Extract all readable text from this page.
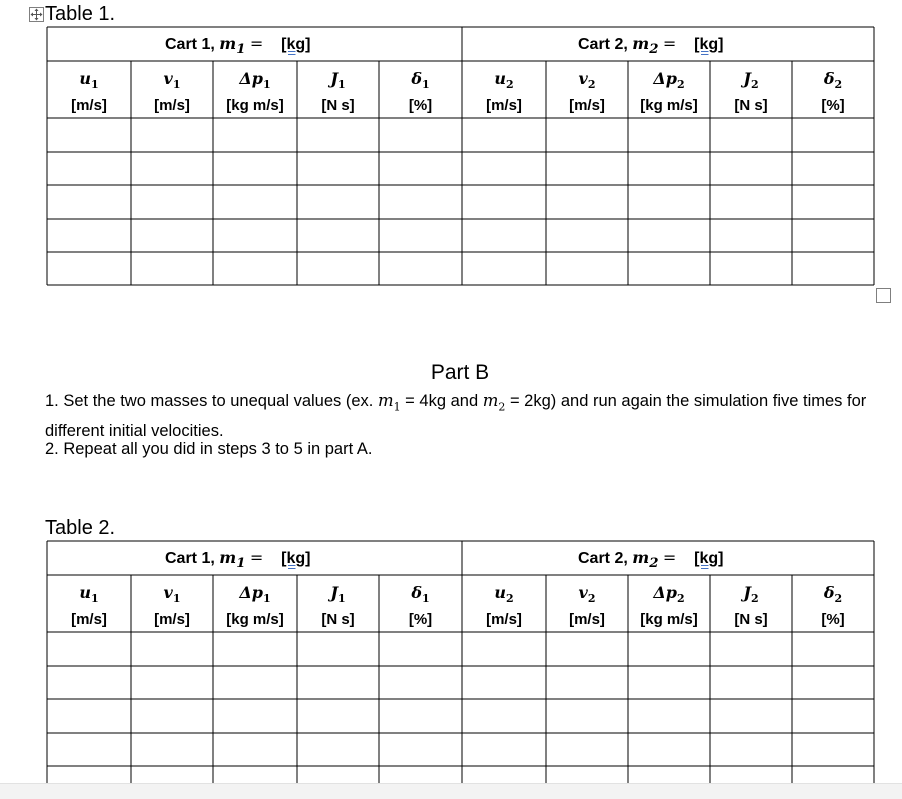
Table 1.
Cart 1, $m_1 = [kg]$	Cart 2, $m_2 = [kg]$
$u_1$
[m/s]
$v_1$
[m/s]
$\Delta p_1$
[kg m/s]
$J_1$
[N s]
$\delta_1$
[%]
$u_2$
[m/s]
$v_2$
[m/s]
$\Delta p_2$
[kg m/s]
$J_2$
[N s]
$\delta_2$
[%]
Part B
1. Set the two masses to unequal values (ex. $m_1 = 4kg$ and $m_2 = 2kg$) and run again the simulation five times for different initial velocities.
2. Repeat all you did in steps 3 to 5 in part A.
Table 2.
Cart 1, $m_1 = [kg]$	Cart 2, $m_2 = [kg]$
$u_1$
[m/s]
$v_1$
[m/s]
$\Delta p_1$
[kg m/s]
$J_1$
[N s]
$\delta_1$
[%]
$u_2$
[m/s]
$v_2$
[m/s]
$\Delta p_2$
[kg m/s]
$J_2$
[N s]
$\delta_2$
[%]
